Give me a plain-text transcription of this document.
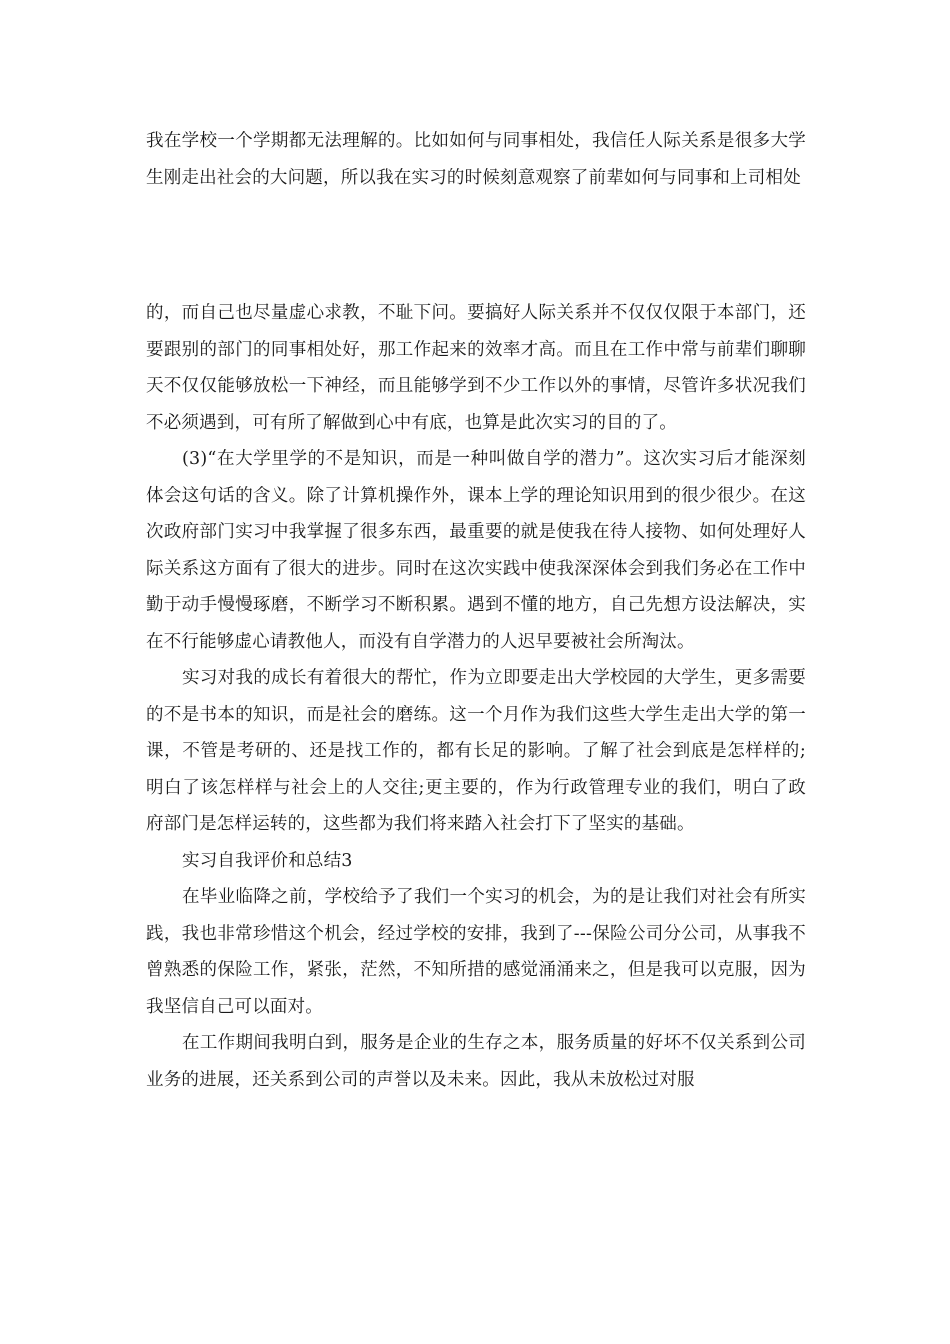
我在学校一个学期都无法理解的。比如如何与同事相处，我信任人际关系是很多大学生刚走出社会的大问题，所以我在实习的时候刻意观察了前辈如何与同事和上司相处

的，而自己也尽量虚心求教，不耻下问。要搞好人际关系并不仅仅仅限于本部门，还要跟别的部门的同事相处好，那工作起来的效率才高。而且在工作中常与前辈们聊聊天不仅仅能够放松一下神经，而且能够学到不少工作以外的事情，尽管许多状况我们不必须遇到，可有所了解做到心中有底，也算是此次实习的目的了。

(3)“在大学里学的不是知识，而是一种叫做自学的潜力”。这次实习后才能深刻体会这句话的含义。除了计算机操作外，课本上学的理论知识用到的很少很少。在这次政府部门实习中我掌握了很多东西，最重要的就是使我在待人接物、如何处理好人际关系这方面有了很大的进步。同时在这次实践中使我深深体会到我们务必在工作中勤于动手慢慢琢磨，不断学习不断积累。遇到不懂的地方，自己先想方设法解决，实在不行能够虚心请教他人，而没有自学潜力的人迟早要被社会所淘汰。

实习对我的成长有着很大的帮忙，作为立即要走出大学校园的大学生，更多需要的不是书本的知识，而是社会的磨练。这一个月作为我们这些大学生走出大学的第一课，不管是考研的、还是找工作的，都有长足的影响。了解了社会到底是怎样样的;明白了该怎样样与社会上的人交往;更主要的，作为行政管理专业的我们，明白了政府部门是怎样运转的，这些都为我们将来踏入社会打下了坚实的基础。

实习自我评价和总结3

在毕业临降之前，学校给予了我们一个实习的机会，为的是让我们对社会有所实践，我也非常珍惜这个机会，经过学校的安排，我到了---保险公司分公司，从事我不曾熟悉的保险工作，紧张，茫然，不知所措的感觉涌涌来之，但是我可以克服，因为我坚信自己可以面对。

在工作期间我明白到，服务是企业的生存之本，服务质量的好坏不仅关系到公司业务的进展，还关系到公司的声誉以及未来。因此，我从未放松过对服
